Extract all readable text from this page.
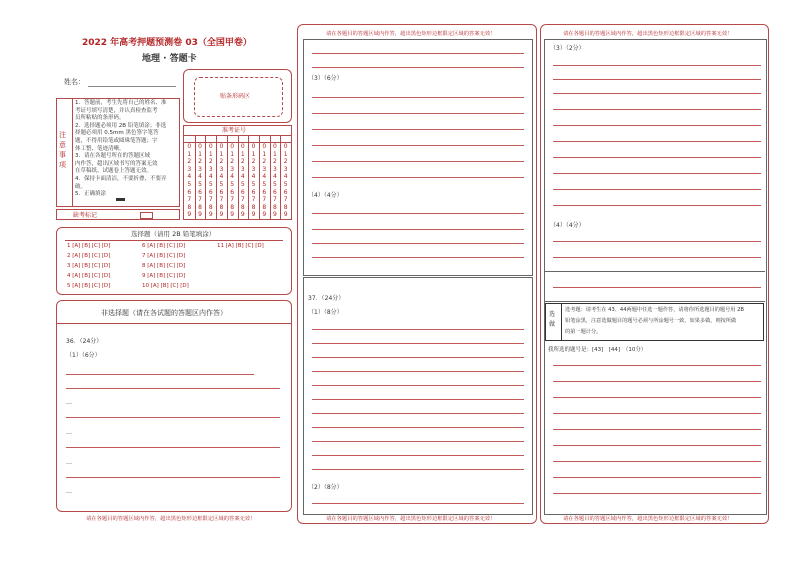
2022 年高考押题预测卷 03（全国甲卷）
地理 · 答题卡
姓名：
贴条形码区
注意事项
1．答题前，考生先将自己的姓名、准
考证号填写清楚，并认真检查监考
员所粘贴的条形码。
2．选择题必须用 2B 铅笔填涂；非选
择题必须用 0.5mm 黑色签字笔答
题，不得用铅笔或圆珠笔答题；字
体工整、笔迹清晰。
3．请在各题号所在的答题区域
内作答，超出区域书写的答案无效
在草稿纸、试题卷上答题无效。
4．保持卡面清洁，不要折叠、不要弄
破。
5．正确填涂
缺考标记
准考证号
0
1
2
3
4
5
6
7
8
9
0
1
2
3
4
5
6
7
8
9
0
1
2
3
4
5
6
7
8
9
0
1
2
3
4
5
6
7
8
9
0
1
2
3
4
5
6
7
8
9
0
1
2
3
4
5
6
7
8
9
0
1
2
3
4
5
6
7
8
9
0
1
2
3
4
5
6
7
8
9
0
1
2
3
4
5
6
7
8
9
0
1
2
3
4
5
6
7
8
9
选择题（请用 2B 铅笔填涂）
1 [A] [B] [C] [D]
2 [A] [B] [C] [D]
3 [A] [B] [C] [D]
4 [A] [B] [C] [D]
5 [A] [B] [C] [D]
6 [A] [B] [C] [D]
7 [A] [B] [C] [D]
8 [A] [B] [C] [D]
9 [A] [B] [C] [D]
10 [A] [B] [C] [D]
11 [A] [B] [C] [D]
非选择题（请在各试题的答题区内作答）
36．（24分）
（1）（6分）
…
…
…
…
请在各题目的答题区域内作答，超出黑色矩形边框限定区域的答案无效！
请在各题目的答题区域内作答，超出黑色矩形边框限定区域的答案无效！
（3）（6分）
（4）（4分）
37．（24分）
（1）（8分）
（2）（8分）
请在各题目的答题区域内作答，超出黑色矩形边框限定区域的答案无效！
请在各题目的答题区域内作答，超出黑色矩形边框限定区域的答案无效！
（3）（2分）
（4）（4分）
选做
选考题：请考生在 43、44两题中任选一题作答，请将你所选题目的题号用 2B
铅笔涂黑，注意选做题目的题号必须与所涂题号一致，如果多做，则按所做
的第一题计分。
我所选的题号是：[43]　[44]　（10分）
请在各题目的答题区域内作答，超出黑色矩形边框限定区域的答案无效！
